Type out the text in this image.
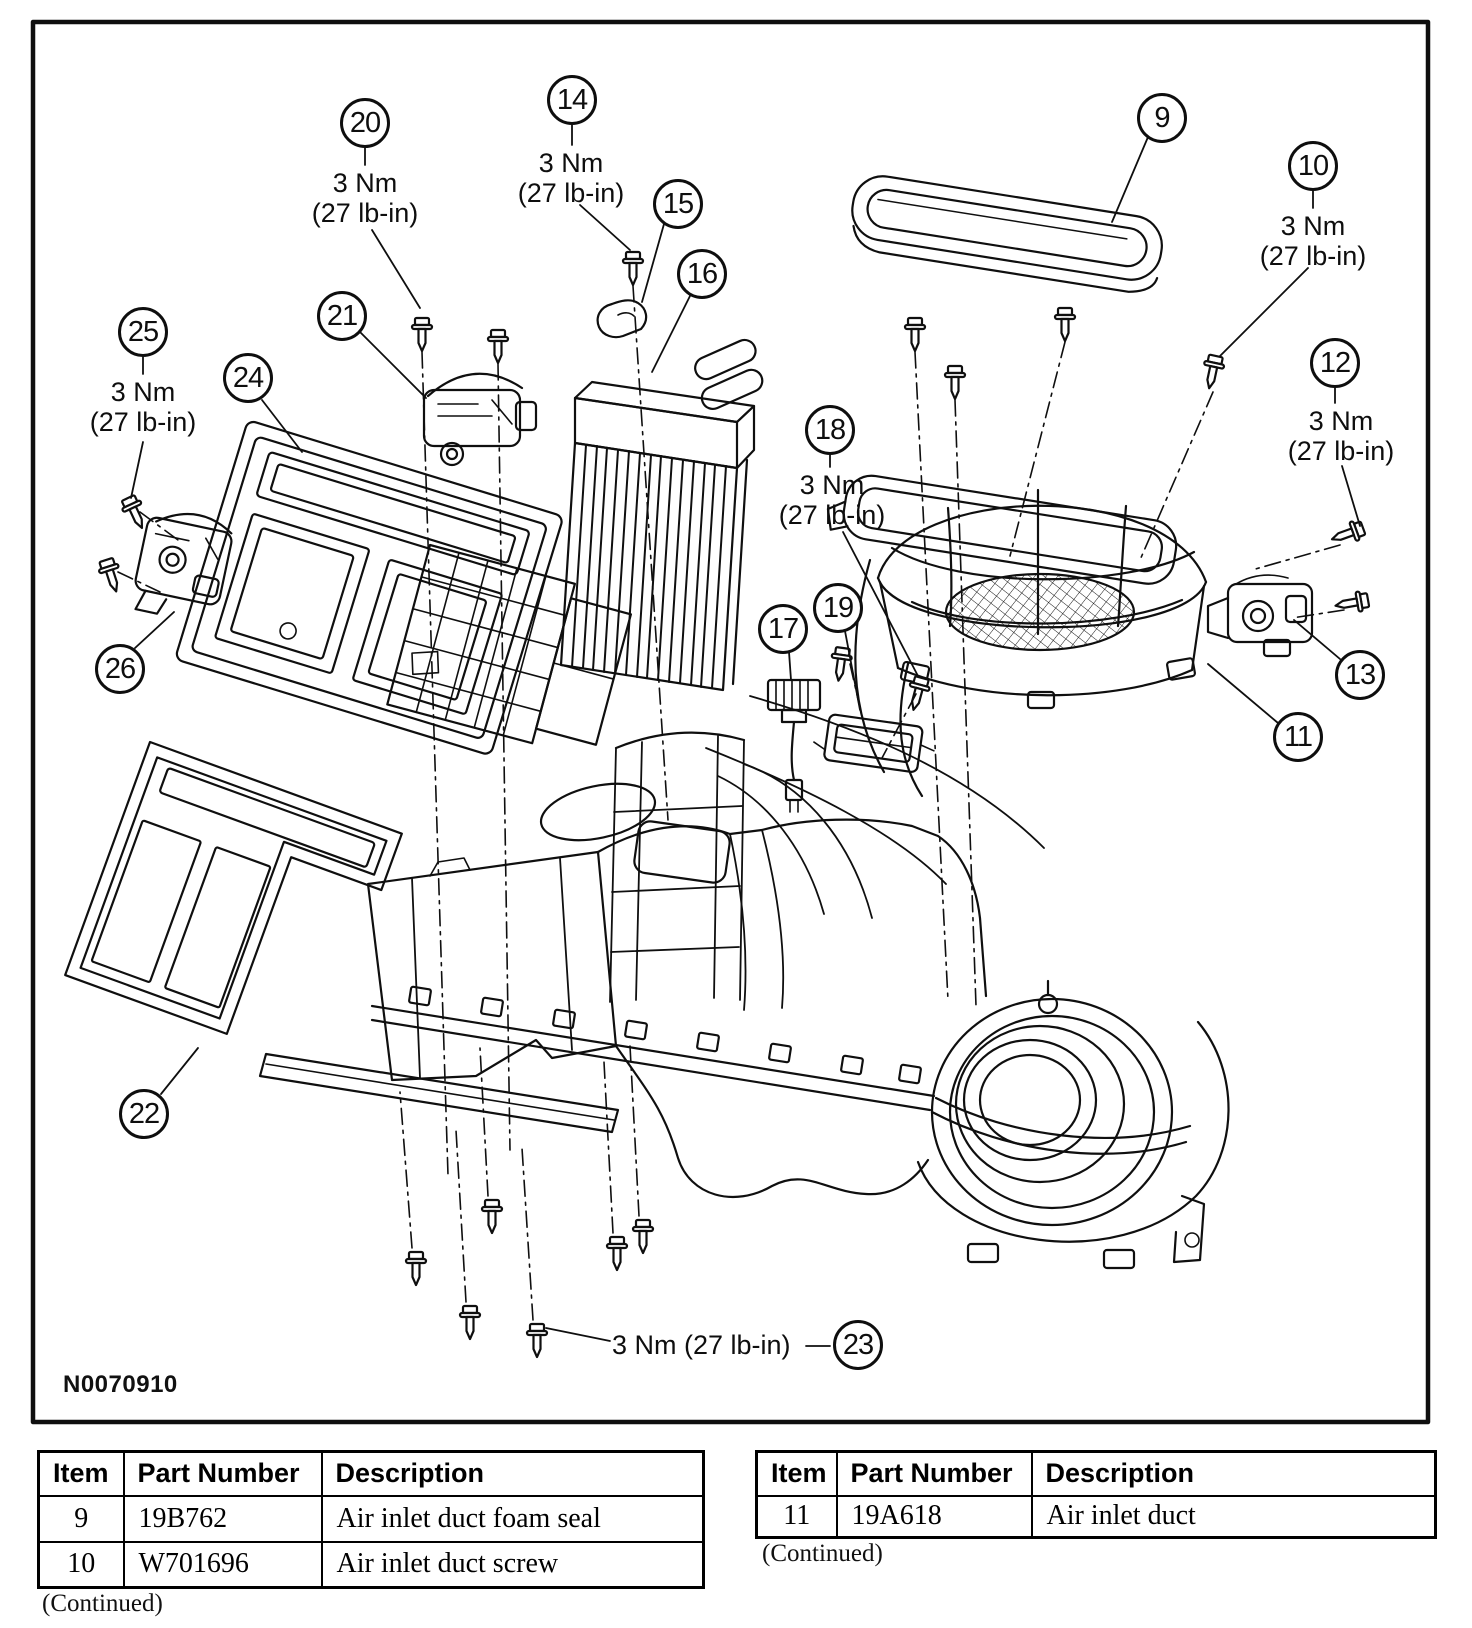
N0070910
3 Nm (27 lb-in)
Item	Part Number	Description
9	19B762	Air inlet duct foam seal
10	W701696	Air inlet duct screw
(Continued)
Item	Part Number	Description
11	19A618	Air inlet duct
(Continued)
20
3 Nm
(27 lb-in)
14
3 Nm
(27 lb-in)	15
16
9
10
3 Nm
(27 lb-in)
12
3 Nm
(27 lb-in)
25
3 Nm
(27 lb-in)
24
21
18
3 Nm
(27 lb-in)
19
17
26	13
11
22
23
